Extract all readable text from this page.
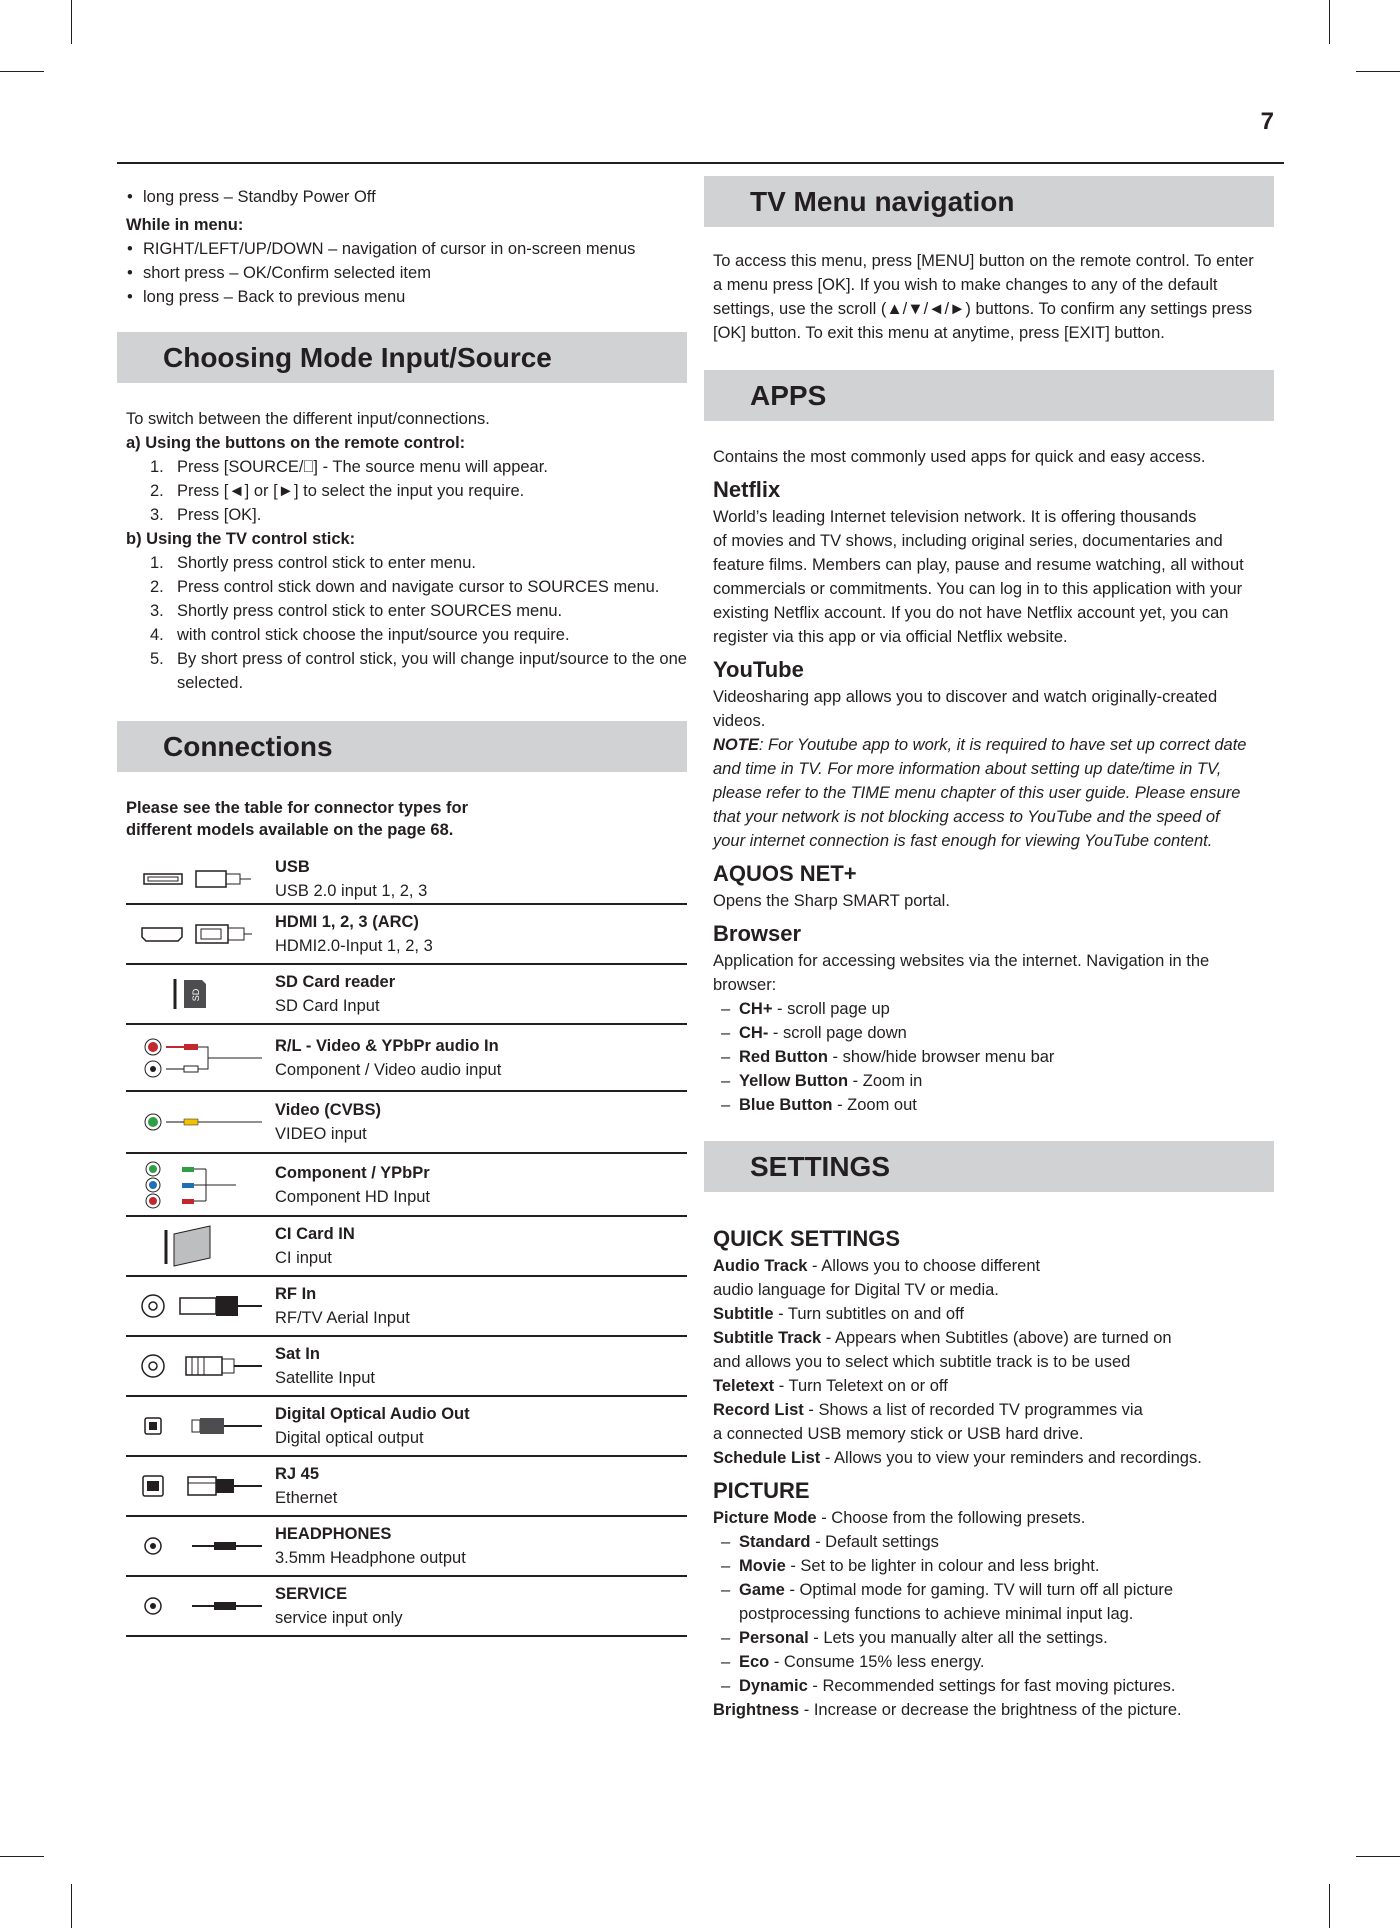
7

• long press – Standby Power Off

While in menu:

• RIGHT/LEFT/UP/DOWN – navigation of cursor in on-screen menus

• short press – OK/Confirm selected item

• long press – Back to previous menu

Choosing Mode Input/Source

To switch between the different input/connections.

a) Using the buttons on the remote control:

1. Press [SOURCE/⎕] - The source menu will appear.

2. Press [◄] or [►] to select the input you require.

3. Press [OK].

b) Using the TV control stick:

1. Shortly press control stick to enter menu.

2. Press control stick down and navigate cursor to SOURCES menu.

3. Shortly press control stick to enter SOURCES menu.

4. with control stick choose the input/source you require.

5. By short press of control stick, you will change input/source to the one selected.

Connections

Please see the table for connector types for

different models available on the page 68.

USB
USB 2.0 input 1, 2, 3

HDMI 1, 2, 3 (ARC)
HDMI2.0-Input 1, 2, 3

SD	SD Card reader
SD Card Input

R/L - Video & YPbPr audio In
Component / Video audio input

Video (CVBS)
VIDEO input

Component / YPbPr
Component HD Input

CI Card IN
CI input

RF In
RF/TV Aerial Input

Sat In
Satellite Input

Digital Optical Audio Out
Digital optical output

RJ 45
Ethernet

HEADPHONES
3.5mm Headphone output

SERVICE
service input only
TV Menu navigation

To access this menu, press [MENU] button on the remote control. To enter

a menu press [OK]. If you wish to make changes to any of the default

settings, use the scroll (▲/▼/◄/►) buttons. To confirm any settings press

[OK] button. To exit this menu at anytime, press [EXIT] button.

APPS

Contains the most commonly used apps for quick and easy access.

Netflix

World’s leading Internet television network. It is offering thousands

of movies and TV shows, including original series, documentaries and

feature films. Members can play, pause and resume watching, all without

commercials or commitments. You can log in to this application with your

existing Netflix account. If you do not have Netflix account yet, you can

register via this app or via official Netflix website.

YouTube

Videosharing app allows you to discover and watch originally-created

videos.

NOTE: For Youtube app to work, it is required to have set up correct date

and time in TV. For more information about setting up date/time in TV,

please refer to the TIME menu chapter of this user guide. Please ensure

that your network is not blocking access to YouTube and the speed of

your internet connection is fast enough for viewing YouTube content.

AQUOS NET+

Opens the Sharp SMART portal.

Browser

Application for accessing websites via the internet. Navigation in the

browser:

– CH+ - scroll page up

– CH- - scroll page down

– Red Button - show/hide browser menu bar

– Yellow Button - Zoom in

– Blue Button - Zoom out

SETTINGS

QUICK SETTINGS

Audio Track - Allows you to choose different

audio language for Digital TV or media.

Subtitle - Turn subtitles on and off

Subtitle Track - Appears when Subtitles (above) are turned on

and allows you to select which subtitle track is to be used

Teletext - Turn Teletext on or off

Record List - Shows a list of recorded TV programmes via

a connected USB memory stick or USB hard drive.

Schedule List - Allows you to view your reminders and recordings.

PICTURE

Picture Mode - Choose from the following presets.

– Standard - Default settings

– Movie - Set to be lighter in colour and less bright.

– Game - Optimal mode for gaming. TV will turn off all picture

postprocessing functions to achieve minimal input lag.

– Personal - Lets you manually alter all the settings.

– Eco - Consume 15% less energy.

– Dynamic - Recommended settings for fast moving pictures.

Brightness - Increase or decrease the brightness of the picture.
